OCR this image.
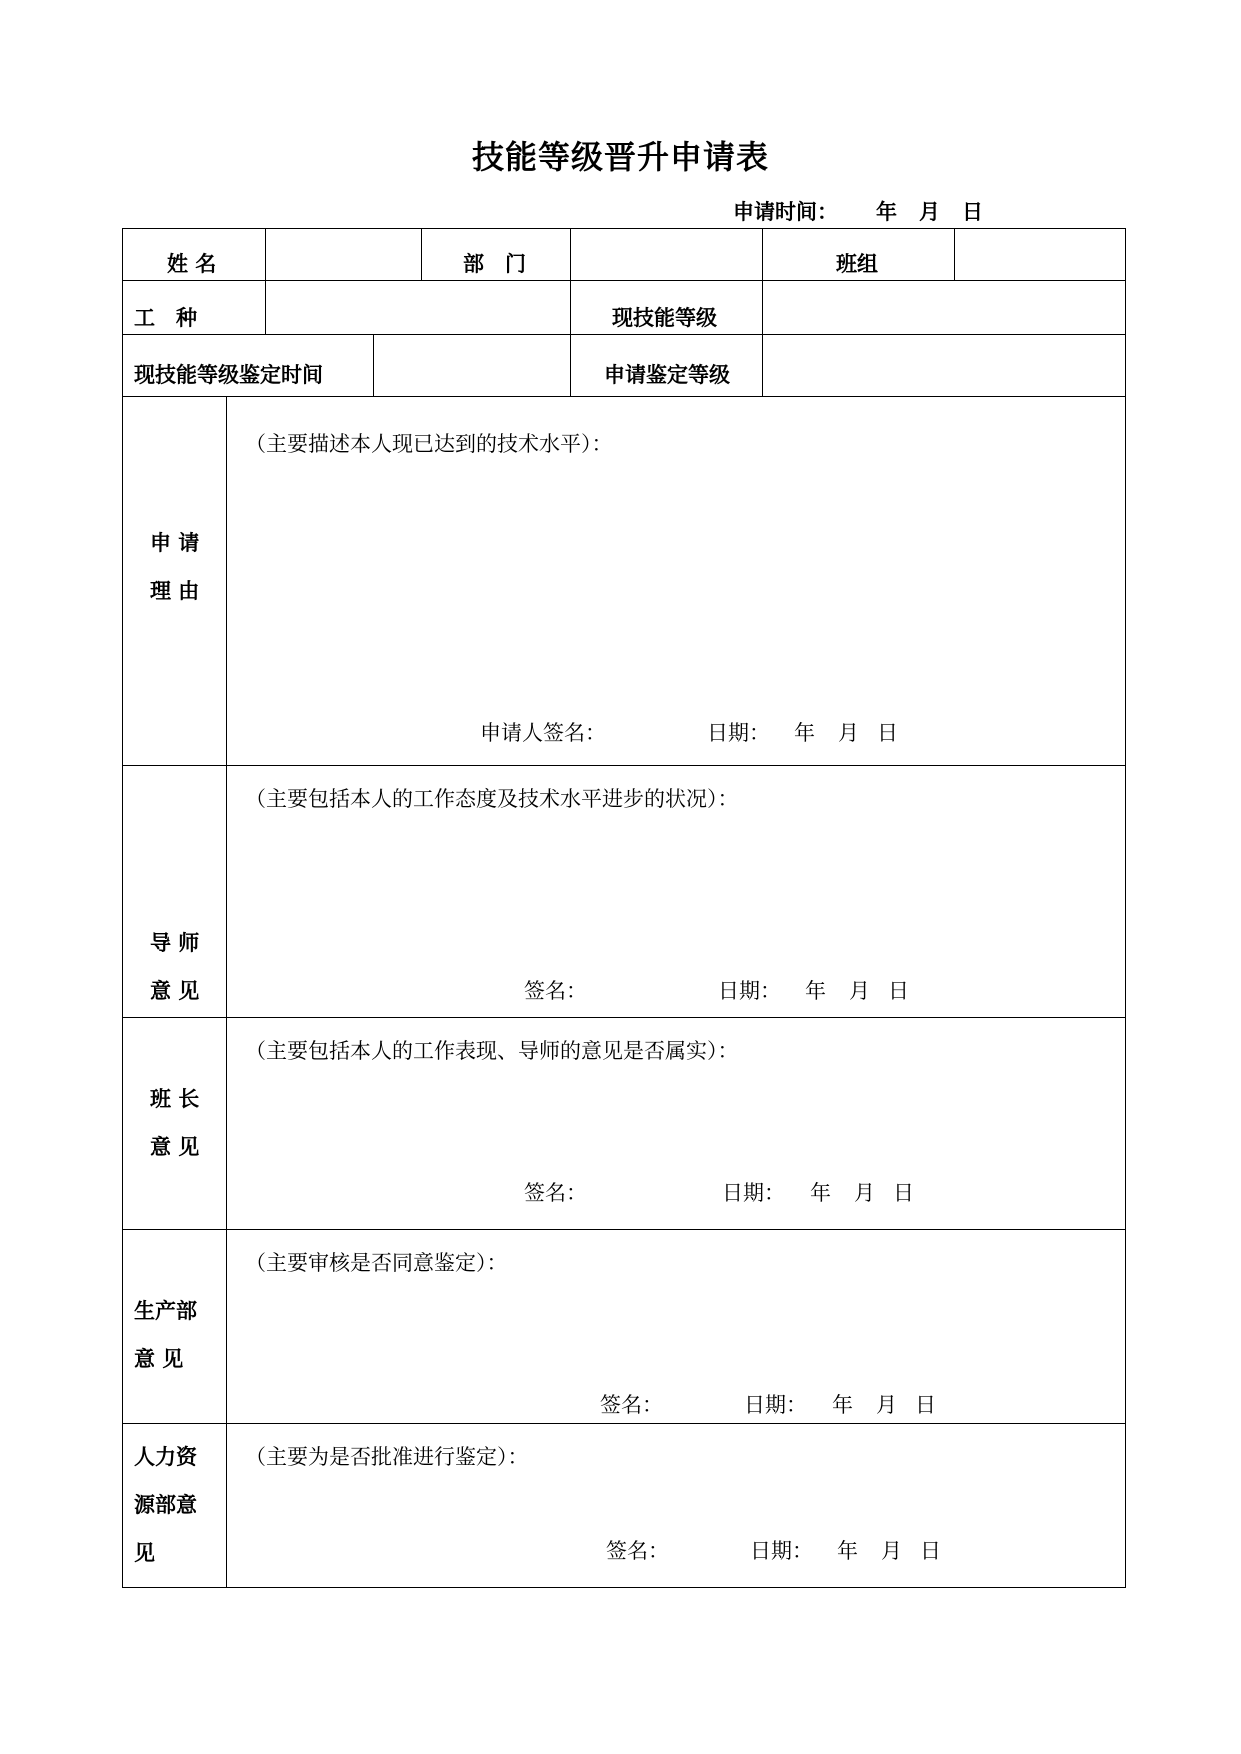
技能等级晋升申请表
申请时间： 年 月 日
姓 名	部　门	班组
工　种	现技能等级
现技能等级鉴定时间	申请鉴定等级
申 请
理 由
（主要描述本人现已达到的技术水平）：
申请人签名：	日期： 年 月 日
导 师
意 见
（主要包括本人的工作态度及技术水平进步的状况）：
签名：	日期： 年 月 日
班 长
意 见
（主要包括本人的工作表现、导师的意见是否属实）：
签名：	日期： 年 月 日
生产部
意 见
（主要审核是否同意鉴定）：
签名：	日期： 年 月 日
人力资
源部意
见
（主要为是否批准进行鉴定）：
签名：	日期： 年 月 日
